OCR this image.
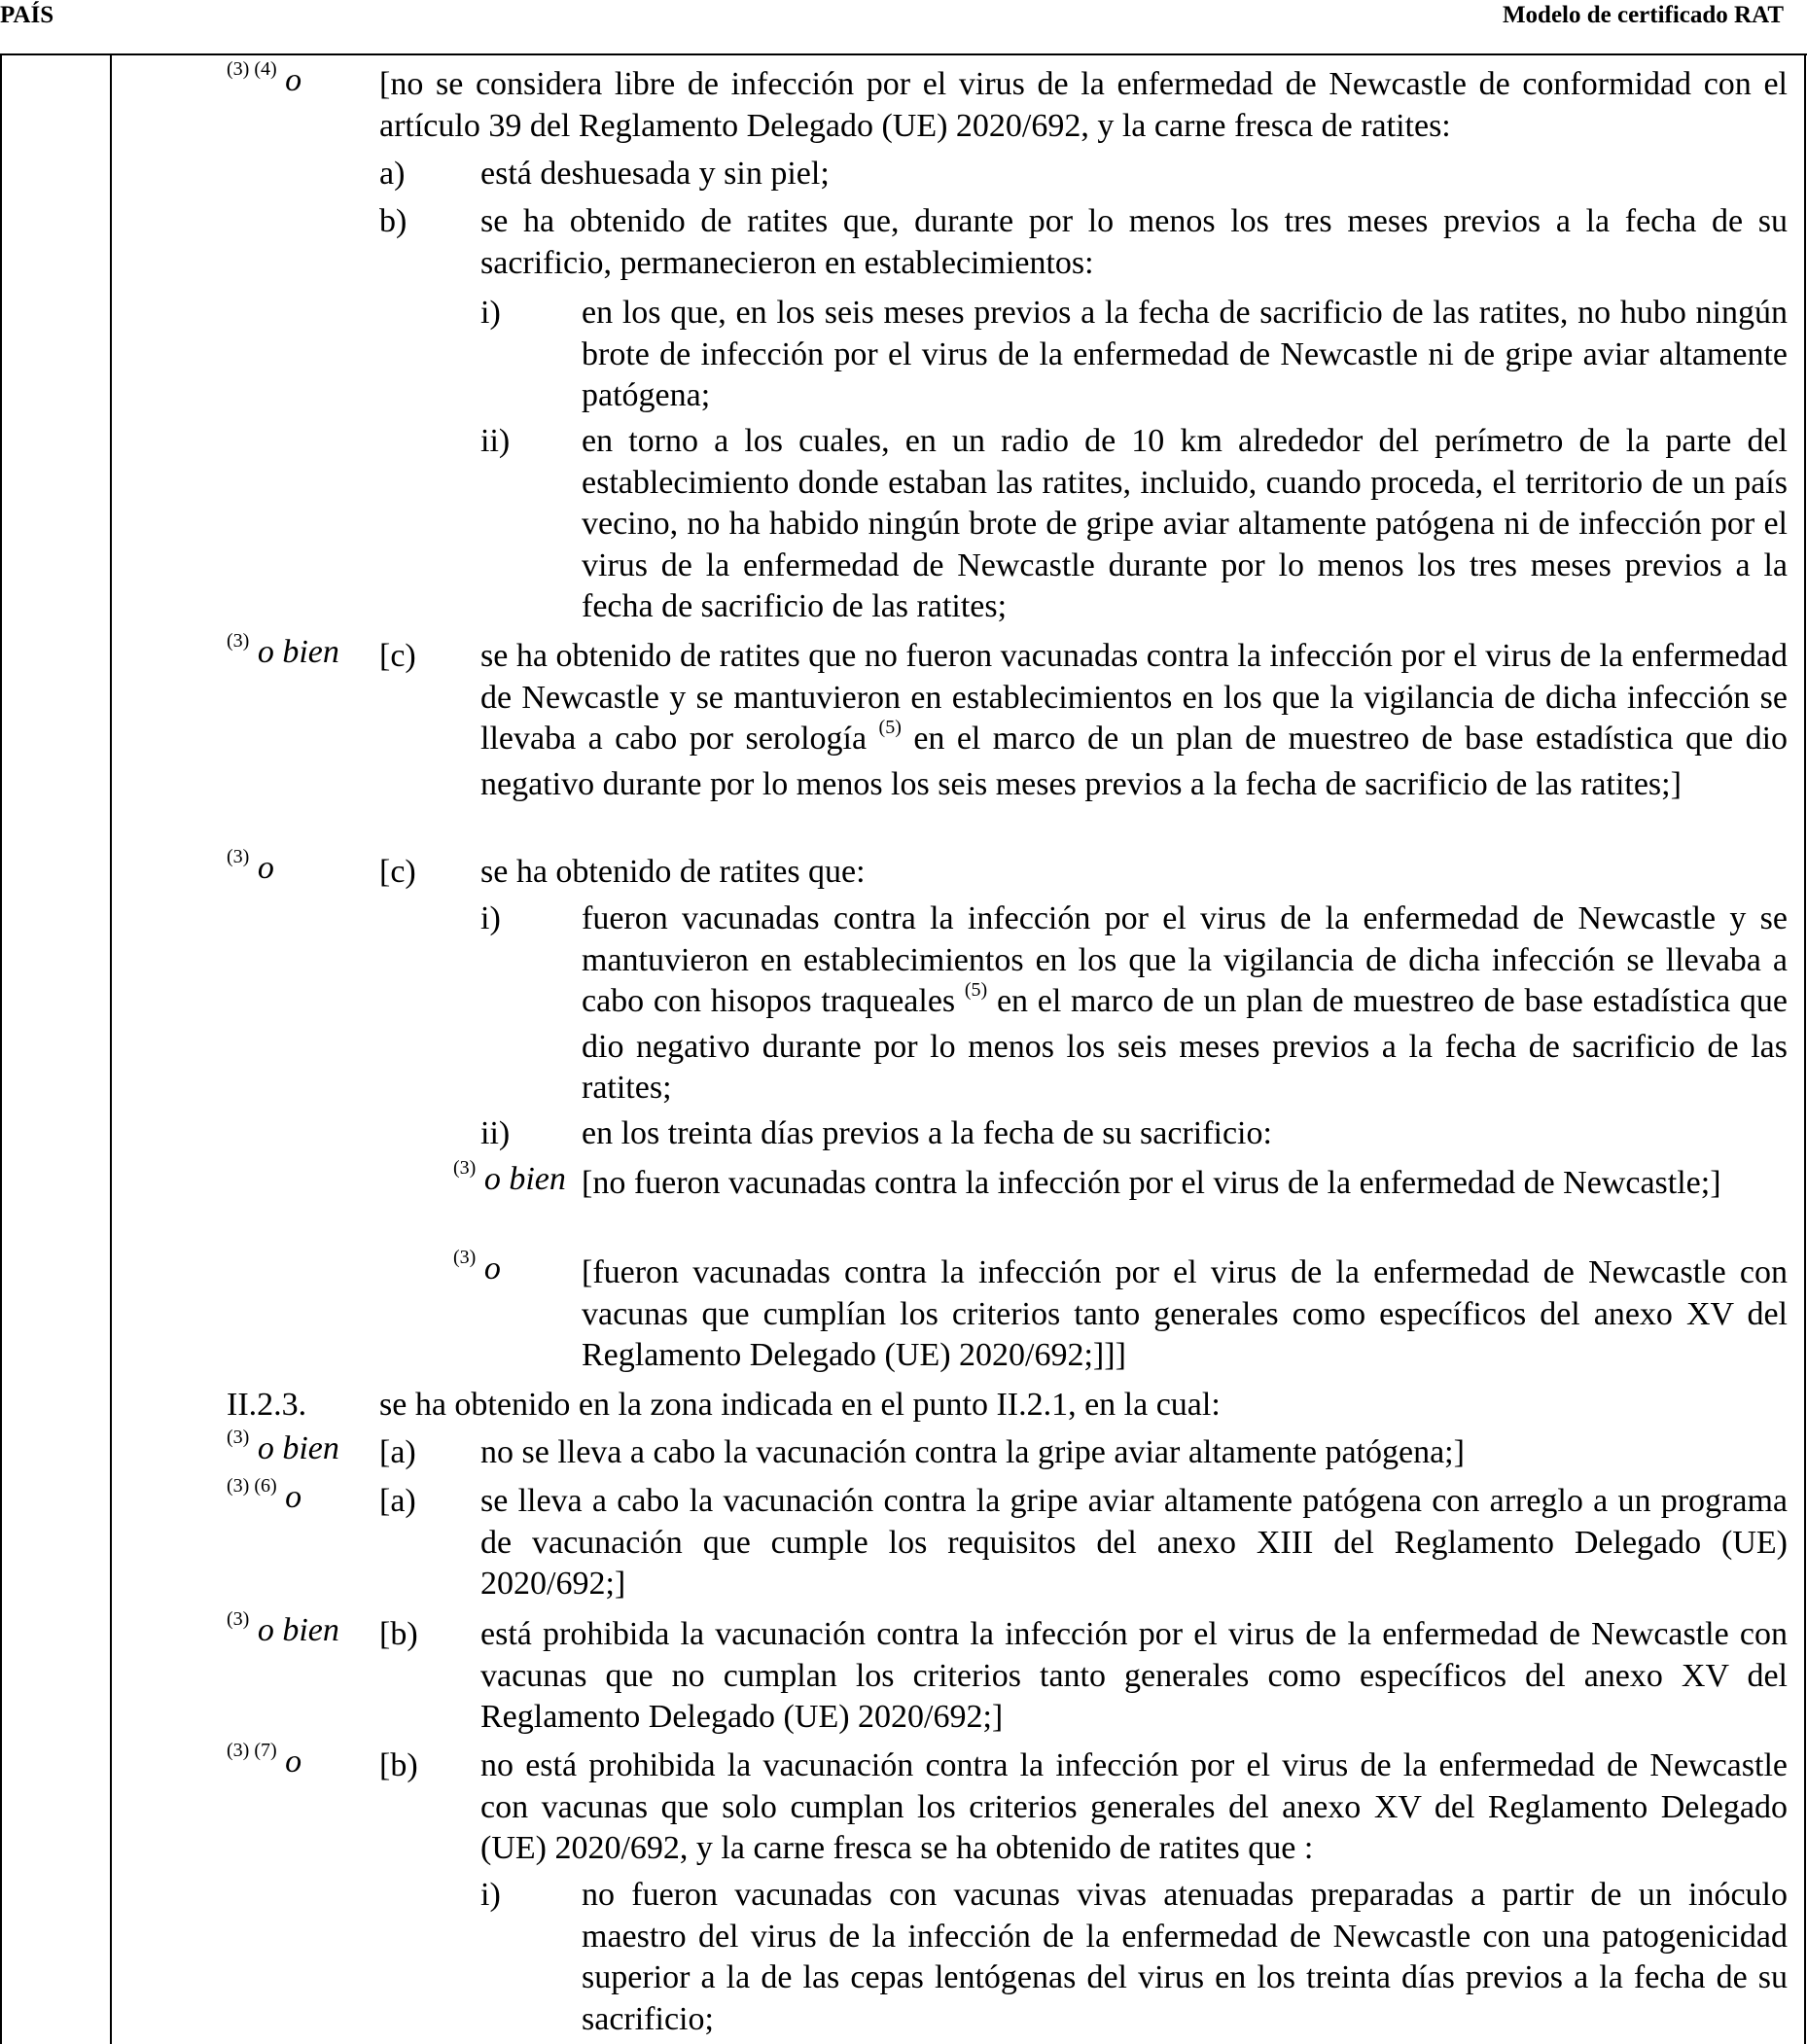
PAÍS	Modelo de certificado RAT
$^{(3) (4)}$ o [no se considera libre de infección por el virus de la enfermedad de Newcastle de conformidad con el artículo 39 del Reglamento Delegado (UE) 2020/692, y la carne fresca de ratites:
a) está deshuesada y sin piel;
b) se ha obtenido de ratites que, durante por lo menos los tres meses previos a la fecha de su sacrificio, permanecieron en establecimientos:
i) en los que, en los seis meses previos a la fecha de sacrificio de las ratites, no hubo ningún brote de infección por el virus de la enfermedad de Newcastle ni de gripe aviar altamente patógena;
ii) en torno a los cuales, en un radio de 10 km alrededor del perímetro de la parte del establecimiento donde estaban las ratites, incluido, cuando proceda, el territorio de un país vecino, no ha habido ningún brote de gripe aviar altamente patógena ni de infección por el virus de la enfermedad de Newcastle durante por lo menos los tres meses previos a la fecha de sacrificio de las ratites;
$^{(3)}$ o bien [c) se ha obtenido de ratites que no fueron vacunadas contra la infección por el virus de la enfermedad de Newcastle y se mantuvieron en establecimientos en los que la vigilancia de dicha infección se llevaba a cabo por serología $^{(5)}$ en el marco de un plan de muestreo de base estadística que dio negativo durante por lo menos los seis meses previos a la fecha de sacrificio de las ratites;]
$^{(3)}$ o	[c) se ha obtenido de ratites que:
i) fueron vacunadas contra la infección por el virus de la enfermedad de Newcastle y se mantuvieron en establecimientos en los que la vigilancia de dicha infección se llevaba a cabo con hisopos traqueales $^{(5)}$ en el marco de un plan de muestreo de base estadística que dio negativo durante por lo menos los seis meses previos a la fecha de sacrificio de las ratites;
ii) en los treinta días previos a la fecha de su sacrificio:
$^{(3)}$ o bien [no fueron vacunadas contra la infección por el virus de la enfermedad de Newcastle;]
$^{(3)}$ o [fueron vacunadas contra la infección por el virus de la enfermedad de Newcastle con vacunas que cumplían los criterios tanto generales como específicos del anexo XV del Reglamento Delegado (UE) 2020/692;]]]
II.2.3. se ha obtenido en la zona indicada en el punto II.2.1, en la cual:
$^{(3)}$ o bien [a) no se lleva a cabo la vacunación contra la gripe aviar altamente patógena;]
$^{(3) (6)}$ o [a) se lleva a cabo la vacunación contra la gripe aviar altamente patógena con arreglo a un programa de vacunación que cumple los requisitos del anexo XIII del Reglamento Delegado (UE) 2020/692;]
$^{(3)}$ o bien [b) está prohibida la vacunación contra la infección por el virus de la enfermedad de Newcastle con vacunas que no cumplan los criterios tanto generales como específicos del anexo XV del Reglamento Delegado (UE) 2020/692;]
$^{(3) (7)}$ o [b) no está prohibida la vacunación contra la infección por el virus de la enfermedad de Newcastle con vacunas que solo cumplan los criterios generales del anexo XV del Reglamento Delegado (UE) 2020/692, y la carne fresca se ha obtenido de ratites que :
i) no fueron vacunadas con vacunas vivas atenuadas preparadas a partir de un inóculo maestro del virus de la infección de la enfermedad de Newcastle con una patogenicidad superior a la de las cepas lentógenas del virus en los treinta días previos a la fecha de su sacrificio;
